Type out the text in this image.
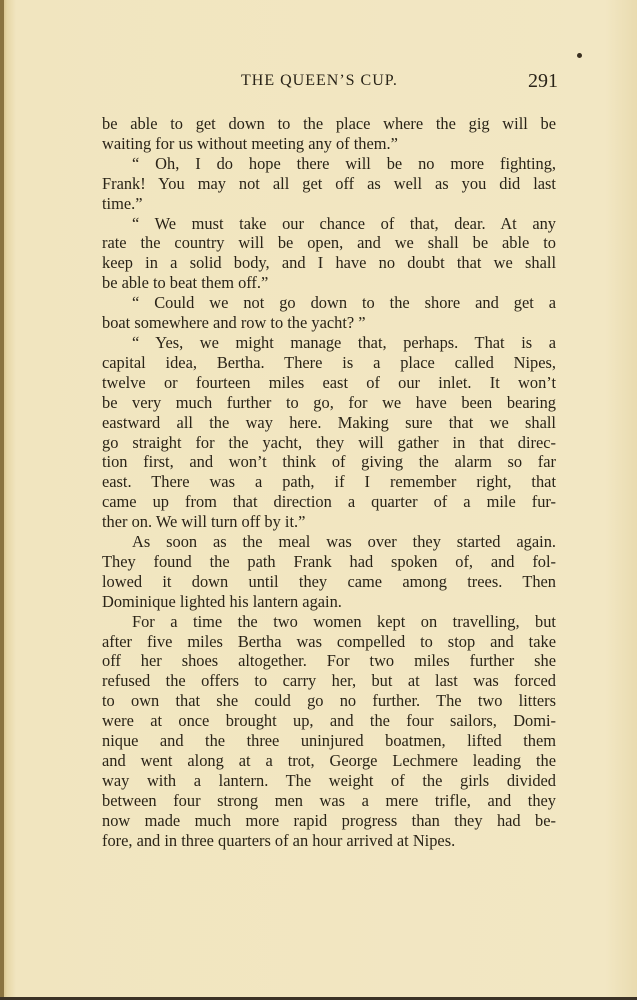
THE QUEEN’S CUP.	291
be able to get down to the place where the gig will be
waiting for us without meeting any of them.”
“ Oh, I do hope there will be no more fighting,
Frank! You may not all get off as well as you did last
time.”
“ We must take our chance of that, dear. At any
rate the country will be open, and we shall be able to
keep in a solid body, and I have no doubt that we shall
be able to beat them off.”
“ Could we not go down to the shore and get a
boat somewhere and row to the yacht? ”
“ Yes, we might manage that, perhaps. That is a
capital idea, Bertha. There is a place called Nipes,
twelve or fourteen miles east of our inlet. It won’t
be very much further to go, for we have been bearing
eastward all the way here. Making sure that we shall
go straight for the yacht, they will gather in that direc-
tion first, and won’t think of giving the alarm so far
east. There was a path, if I remember right, that
came up from that direction a quarter of a mile fur-
ther on. We will turn off by it.”
As soon as the meal was over they started again.
They found the path Frank had spoken of, and fol-
lowed it down until they came among trees. Then
Dominique lighted his lantern again.
For a time the two women kept on travelling, but
after five miles Bertha was compelled to stop and take
off her shoes altogether. For two miles further she
refused the offers to carry her, but at last was forced
to own that she could go no further. The two litters
were at once brought up, and the four sailors, Domi-
nique and the three uninjured boatmen, lifted them
and went along at a trot, George Lechmere leading the
way with a lantern. The weight of the girls divided
between four strong men was a mere trifle, and they
now made much more rapid progress than they had be-
fore, and in three quarters of an hour arrived at Nipes.
